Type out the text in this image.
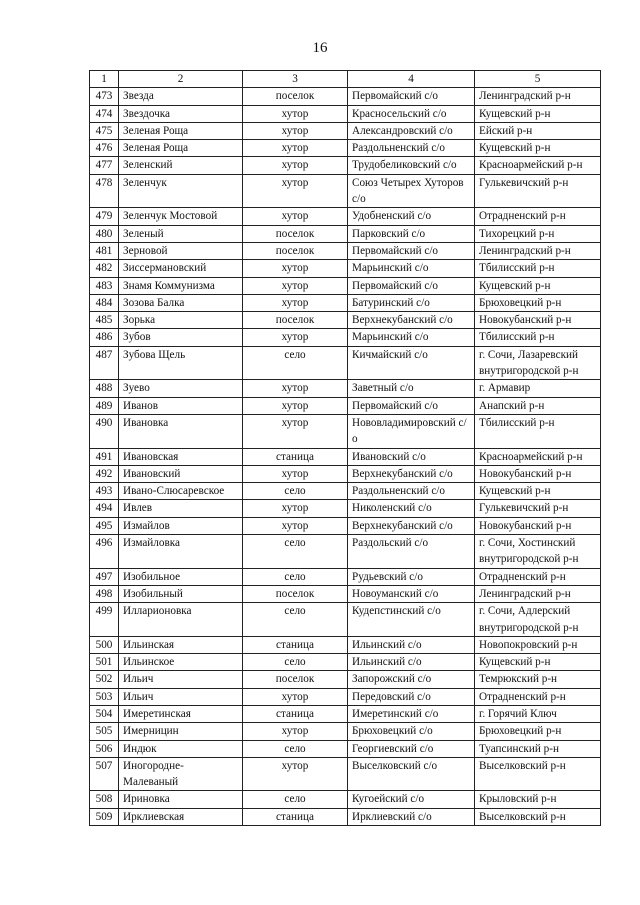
16
1	2	3	4	5
473	Звезда	поселок	Первомайский с/о	Ленинградский р-н
474	Звездочка	хутор	Красносельский с/о	Кущевский р-н
475	Зеленая Роща	хутор	Александровский с/о	Ейский р-н
476	Зеленая Роща	хутор	Раздольненский с/о	Кущевский р-н
477	Зеленский	хутор	Трудобеликовский с/о	Красноармейский р-н
478	Зеленчук	хутор	Союз Четырех Хуторов с/о	Гулькевичский р-н
479	Зеленчук Мостовой	хутор	Удобненский с/о	Отрадненский р-н
480	Зеленый	поселок	Парковский с/о	Тихорецкий р-н
481	Зерновой	поселок	Первомайский с/о	Ленинградский р-н
482	Зиссермановский	хутор	Марьинский с/о	Тбилисский р-н
483	Знамя Коммунизма	хутор	Первомайский с/о	Кущевский р-н
484	Зозова Балка	хутор	Батуринский с/о	Брюховецкий р-н
485	Зорька	поселок	Верхнекубанский с/о	Новокубанский р-н
486	Зубов	хутор	Марьинский с/о	Тбилисский р-н
487	Зубова Щель	село	Кичмайский с/о	г. Сочи, Лазаревский внутригородской р-н
488	Зуево	хутор	Заветный с/о	г. Армавир
489	Иванов	хутор	Первомайский с/о	Анапский р-н
490	Ивановка	хутор	Нововладимировский с/о	Тбилисский р-н
491	Ивановская	станица	Ивановский с/о	Красноармейский р-н
492	Ивановский	хутор	Верхнекубанский с/о	Новокубанский р-н
493	Ивано-Слюсаревское	село	Раздольненский с/о	Кущевский р-н
494	Ивлев	хутор	Николенский с/о	Гулькевичский р-н
495	Измайлов	хутор	Верхнекубанский с/о	Новокубанский р-н
496	Измайловка	село	Раздольский с/о	г. Сочи, Хостинский внутригородской р-н
497	Изобильное	село	Рудьевский с/о	Отрадненский р-н
498	Изобильный	поселок	Новоуманский с/о	Ленинградский р-н
499	Илларионовка	село	Кудепстинский с/о	г. Сочи, Адлерский внутригородской р-н
500	Ильинская	станица	Ильинский с/о	Новопокровский р-н
501	Ильинское	село	Ильинский с/о	Кущевский р-н
502	Ильич	поселок	Запорожский с/о	Темрюкский р-н
503	Ильич	хутор	Передовский с/о	Отрадненский р-н
504	Имеретинская	станица	Имеретинский с/о	г. Горячий Ключ
505	Имерницин	хутор	Брюховецкий с/о	Брюховецкий р-н
506	Индюк	село	Георгиевский с/о	Туапсинский р-н
507	Иногородне-Малеваный	хутор	Выселковский с/о	Выселковский р-н
508	Ириновка	село	Кугоейский с/о	Крыловский р-н
509	Ирклиевская	станица	Ирклиевский с/о	Выселковский р-н
